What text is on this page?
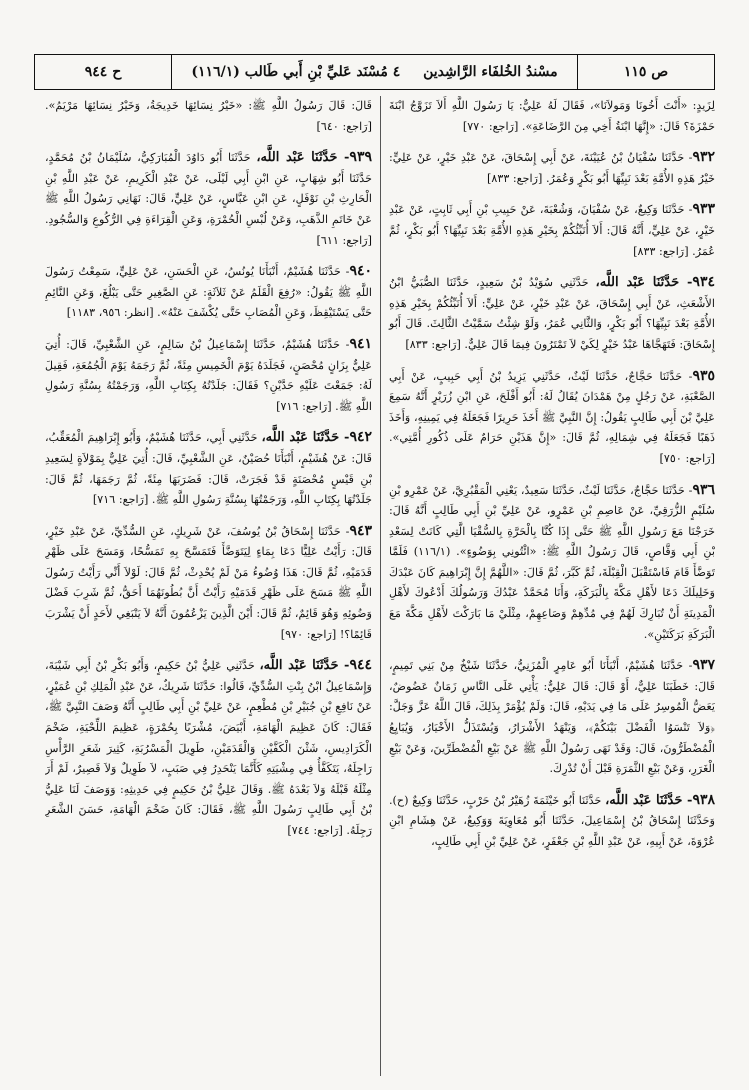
ص ١١٥
مسْندُ الخُلفَاء الرَّاشِدين
٤ مُسْنَد عَليِّ بْنِ أَبي طَالب (١١٦/١)
ح ٩٤٤

لِزَيدٍ: «أَنْتَ أَخُونَا وَمَولاَنَا»، فَقَالَ لَهُ عَلِيٌّ: يَا رَسُولَ اللَّهِ أَلاَ تَزَوَّجُ ابْنَةَ حَمْزَةَ؟ قَالَ: «إِنَّهَا ابْنَةُ أَخِي مِنَ الرَّضَاعَةِ». [رَاجع: ٧٧٠]

٩٣٢- حَدَّثَنَا سُفْيَانُ بْنُ عُيَيْنَةَ، عَنْ أَبِي إِسْحَاقَ، عَنْ عَبْدِ خَيْرٍ، عَنْ عَلِيٍّ: خَيْرُ هَذِهِ الأُمَّةِ بَعْدَ نَبِيِّهَا أَبُو بَكْرٍ وَعُمَرُ. [رَاجع: ٨٣٣]

٩٣٣- حَدَّثَنَا وَكِيعٌ، عَنْ سُفْيَانَ، وَشُعْبَةَ، عَنْ حَبِيبِ بْنِ أَبِي ثَابِتٍ، عَنْ عَبْدِ خَيْرٍ، عَنْ عَلِيٍّ، أَنَّهُ قَالَ: أَلاَ أُنَبِّئُكُمْ بِخَيْرِ هَذِهِ الأُمَّةِ بَعْدَ نَبِيِّهَا؟ أَبُو بَكْرٍ، ثُمَّ عُمَرُ. [رَاجع: ٨٣٣]

٩٣٤- حَدَّثَنَا عَبْد اللَّه، حَدَّثَنِي سُوَيْدُ بْنُ سَعِيدٍ، حَدَّثَنَا الصُّبَيُّ ابْنُ الأَشْعَثِ، عَنْ أَبِي إِسْحَاقَ، عَنْ عَبْدِ خَيْرٍ، عَنْ عَلِيٍّ: أَلاَ أُنَبِّئُكُمْ بِخَيْرِ هَذِهِ الأُمَّةِ بَعْدَ نَبِيِّهَا؟ أَبُو بَكْرٍ، وَالثَّانِي عُمَرُ، وَلَوْ شِئْتُ سَمَّيْتُ الثَّالِثَ. قَالَ أَبُو إِسْحَاقَ: فَتَهَجَّاهَا عَبْدُ خَيْرٍ لِكَيْ لاَ تَمْتَرُونَ فِيمَا قَالَ عَلِيٌّ. [رَاجع: ٨٣٣]

٩٣٥- حَدَّثَنَا حَجَّاجٌ، حَدَّثَنَا لَيْثٌ، حَدَّثَنِي يَزِيدُ بْنُ أَبِي حَبِيبٍ، عَنْ أَبِي الصَّعْبَةِ، عَنْ رَجُلٍ مِنْ هَمْدَانَ يُقَالُ لَهُ: أَبُو أَفْلَحَ، عَنِ ابْنِ زُرَيْرٍ أَنَّهُ سَمِعَ عَلِيَّ بْنَ أَبِي طَالِبٍ يَقُولُ: إِنَّ النَّبِيَّ ﷺ أَخَذَ حَرِيرًا فَجَعَلَهُ فِي يَمِينِهِ، وَأَخَذَ ذَهَبًا فَجَعَلَهُ فِي شِمَالِهِ، ثُمَّ قَالَ: «إِنَّ هَذَيْنِ حَرَامٌ عَلَى ذُكُورِ أُمَّتِي». [رَاجع: ٧٥٠]

٩٣٦- حَدَّثَنَا حَجَّاجٌ، حَدَّثَنَا لَيْثٌ، حَدَّثَنَا سَعِيدٌ، يَعْنِي الْمَقْبُرِيَّ، عَنْ عَمْرِو بْنِ سُلَيْمٍ الزُّرَقِيِّ، عَنْ عَاصِمِ بْنِ عَمْرٍو، عَنْ عَلِيِّ بْنِ أَبِي طَالِبٍ أَنَّهُ قَالَ: خَرَجْنَا مَعَ رَسُولِ اللَّهِ ﷺ حَتَّى إِذَا كُنَّا بِالْحَرَّةِ بِالسُّقْيَا الَّتِي كَانَتْ لِسَعْدِ بْنِ أَبِي وَقَّاصٍ، قَالَ رَسُولُ اللَّهِ ﷺ: «ائْتُونِي بِوَضُوءٍ». (١١٦/١) فَلَمَّا تَوَضَّأَ قَامَ فَاسْتَقْبَلَ الْقِبْلَةَ، ثُمَّ كَبَّرَ، ثُمَّ قَالَ: «اللَّهُمَّ إِنَّ إِبْرَاهِيمَ كَانَ عَبْدَكَ وَخَلِيلَكَ دَعَا لأَهْلِ مَكَّةَ بِالْبَرَكَةِ، وَأَنَا مُحَمَّدٌ عَبْدُكَ وَرَسُولُكَ أَدْعُوكَ لأَهْلِ الْمَدِينَةِ أَنْ تُبَارِكَ لَهُمْ فِي مُدِّهِمْ وَصَاعِهِمْ، مِثْلَيْ مَا بَارَكْتَ لأَهْلِ مَكَّةَ مَعَ الْبَرَكَةِ بَرَكَتَيْنِ».

٩٣٧- حَدَّثَنَا هُشَيْمٌ، أَنْبَأَنَا أَبُو عَامِرٍ الْمُزَنِيُّ، حَدَّثَنَا شَيْخٌ مِنْ بَنِي تَمِيمٍ، قَالَ: خَطَبَنَا عَلِيٌّ، أَوْ قَالَ: قَالَ عَلِيٌّ: يَأْتِي عَلَى النَّاسِ زَمَانٌ عَضُوضٌ، يَعَضُّ الْمُوسِرُ عَلَى مَا فِي يَدَيْهِ، قَالَ: وَلَمْ يُؤْمَرْ بِذَلِكَ، قَالَ اللَّهُ عَزَّ وَجَلَّ: ﴿وَلاَ تَنْسَوُا الْفَضْلَ بَيْنَكُمْ﴾، وَيَنْهَدُ الأَشْرَارُ، وَيُسْتَذَلُّ الأَخْيَارُ، وَيُبَايِعُ الْمُضْطَرُّونَ، قَالَ: وَقَدْ نَهَى رَسُولُ اللَّهِ ﷺ عَنْ بَيْعِ الْمُضْطَرِّينَ، وَعَنْ بَيْعِ الْغَرَرِ، وَعَنْ بَيْعِ الثَّمَرَةِ قَبْلَ أَنْ تُدْرِكَ.

٩٣٨- حَدَّثَنَا عَبْد اللَّه، حَدَّثَنَا أَبُو خَيْثَمَةَ زُهَيْرُ بْنُ حَرْبٍ، حَدَّثَنَا وَكِيعٌ (ح). وَحَدَّثَنَا إِسْحَاقُ بْنُ إِسْمَاعِيلَ، حَدَّثَنَا أَبُو مُعَاوِيَةَ وَوَكِيعٌ، عَنْ هِشَامِ ابْنِ عُرْوَةَ، عَنْ أَبِيهِ، عَنْ عَبْدِ اللَّهِ بْنِ جَعْفَرٍ، عَنْ عَلِيِّ بْنِ أَبِي طَالِبٍ،

قَالَ: قَالَ رَسُولُ اللَّهِ ﷺ: «خَيْرُ نِسَائِهَا خَدِيجَةُ، وَخَيْرُ نِسَائِهَا مَرْيَمُ». [رَاجع: ٦٤٠]

٩٣٩- حَدَّثَنَا عَبْد اللَّه، حَدَّثَنَا أَبُو دَاوُدَ الْمُبَارَكِيُّ، سُلَيْمَانُ بْنُ مُحَمَّدٍ، حَدَّثَنَا أَبُو شِهَابٍ، عَنِ ابْنِ أَبِي لَيْلَى، عَنْ عَبْدِ الْكَرِيمِ، عَنْ عَبْدِ اللَّهِ بْنِ الْحَارِثِ بْنِ نَوْفَلٍ، عَنِ ابْنِ عَبَّاسٍ، عَنْ عَلِيٍّ، قَالَ: نَهَانِي رَسُولُ اللَّهِ ﷺ عَنْ خَاتَمِ الذَّهَبِ، وَعَنْ لُبْسِ الْحُمْرَةِ، وَعَنِ الْقِرَاءَةِ فِي الرُّكُوعِ وَالسُّجُودِ. [رَاجع: ٦١١]

٩٤٠- حَدَّثَنَا هُشَيْمٌ، أَنْبَأَنَا يُونُسُ، عَنِ الْحَسَنِ، عَنْ عَلِيٍّ، سَمِعْتُ رَسُولَ اللَّهِ ﷺ يَقُولُ: «رُفِعَ الْقَلَمُ عَنْ ثَلاَثَةٍ: عَنِ الصَّغِيرِ حَتَّى يَبْلُغَ، وَعَنِ النَّائِمِ حَتَّى يَسْتَيْقِظَ، وَعَنِ الْمُصَابِ حَتَّى يُكْشَفَ عَنْهُ». [انظر: ٩٥٦، ١١٨٣]

٩٤١- حَدَّثَنَا هُشَيْمٌ، حَدَّثَنَا إِسْمَاعِيلُ بْنُ سَالِمٍ، عَنِ الشَّعْبِيِّ، قَالَ: أُتِيَ عَلِيٌّ بِزَانٍ مُحْصَنٍ، فَجَلَدَهُ يَوْمَ الْخَمِيسِ مِئَةً، ثُمَّ رَجَمَهُ يَوْمَ الْجُمُعَةِ، فَقِيلَ لَهُ: جَمَعْتَ عَلَيْهِ حَدَّيْنِ؟ فَقَالَ: جَلَدْتُهُ بِكِتَابِ اللَّهِ، وَرَجَمْتُهُ بِسُنَّةِ رَسُولِ اللَّهِ ﷺ. [رَاجع: ٧١٦]

٩٤٢- حَدَّثَنَا عَبْد اللَّه، حَدَّثَنِي أَبِي، حَدَّثَنَا هُشَيْمٌ، وَأَبُو إِبْرَاهِيمَ الْمُعَقِّبُ، قَالَ: عَنْ هُشَيْمٍ، أَنْبَأَنَا حُصَيْنٌ، عَنِ الشَّعْبِيِّ، قَالَ: أُتِيَ عَلِيٌّ بِمَوْلاَةٍ لِسَعِيدِ بْنِ قَيْسٍ مُحْصَنَةٍ قَدْ فَجَرَتْ، قَالَ: فَضَرَبَهَا مِئَةً، ثُمَّ رَجَمَهَا، ثُمَّ قَالَ: جَلَدْتُهَا بِكِتَابِ اللَّهِ، وَرَجَمْتُهَا بِسُنَّةِ رَسُولِ اللَّهِ ﷺ. [رَاجع: ٧١٦]

٩٤٣- حَدَّثَنَا إِسْحَاقُ بْنُ يُوسُفَ، عَنْ شَرِيكٍ، عَنِ السُّدِّيِّ، عَنْ عَبْدِ خَيْرٍ، قَالَ: رَأَيْتُ عَلِيًّا دَعَا بِمَاءٍ لِيَتَوَضَّأَ فَتَمَسَّحَ بِهِ تَمَسُّحًا، وَمَسَحَ عَلَى ظَهْرِ قَدَمَيْهِ، ثُمَّ قَالَ: هَذَا وُضُوءُ مَنْ لَمْ يُحْدِثْ، ثُمَّ قَالَ: لَوْلاَ أَنِّي رَأَيْتُ رَسُولَ اللَّهِ ﷺ مَسَحَ عَلَى ظَهْرِ قَدَمَيْهِ رَأَيْتُ أَنَّ بُطُونَهُمَا أَحَقُّ، ثُمَّ شَرِبَ فَضْلَ وَضُوئِهِ وَهُوَ قَائِمٌ، ثُمَّ قَالَ: أَيْنَ الَّذِينَ يَزْعُمُونَ أَنَّهُ لاَ يَنْبَغِي لأَحَدٍ أَنْ يَشْرَبَ قَائِمًا؟! [رَاجع: ٩٧٠]

٩٤٤- حَدَّثَنَا عَبْد اللَّه، حَدَّثَنِي عَلِيُّ بْنُ حَكِيمٍ، وَأَبُو بَكْرِ بْنُ أَبِي شَيْبَةَ، وَإِسْمَاعِيلُ ابْنُ بِنْتِ السُّدِّيِّ، قَالُوا: حَدَّثَنَا شَرِيكٌ، عَنْ عَبْدِ الْمَلِكِ بْنِ عُمَيْرٍ، عَنْ نَافِعِ بْنِ جُبَيْرِ بْنِ مُطْعِمٍ، عَنْ عَلِيِّ بْنِ أَبِي طَالِبٍ أَنَّهُ وَصَفَ النَّبِيَّ ﷺ، فَقَالَ: كَانَ عَظِيمَ الْهَامَةِ، أَبْيَضَ، مُشْرَبًا بِحُمْرَةٍ، عَظِيمَ اللِّحْيَةِ، ضَخْمَ الْكَرَادِيسِ، شَثْنَ الْكَفَّيْنِ وَالْقَدَمَيْنِ، طَوِيلَ الْمَسْرُبَةِ، كَثِيرَ شَعَرِ الرَّأْسِ رَاجِلَهُ، يَتَكَفَّأُ فِي مِشْيَتِهِ كَأَنَّمَا يَنْحَدِرُ فِي صَبَبٍ، لاَ طَوِيلٌ وَلاَ قَصِيرٌ، لَمْ أَرَ مِثْلَهُ قَبْلَهُ وَلاَ بَعْدَهُ ﷺ. وَقَالَ عَلِيُّ بْنُ حَكِيمٍ فِي حَدِيثِهِ: وَوَصَفَ لَنَا عَلِيُّ بْنُ أَبِي طَالِبٍ رَسُولَ اللَّهِ ﷺ، فَقَالَ: كَانَ ضَخْمَ الْهَامَةِ، حَسَنَ الشَّعَرِ رَجِلَهُ. [رَاجع: ٧٤٤]
